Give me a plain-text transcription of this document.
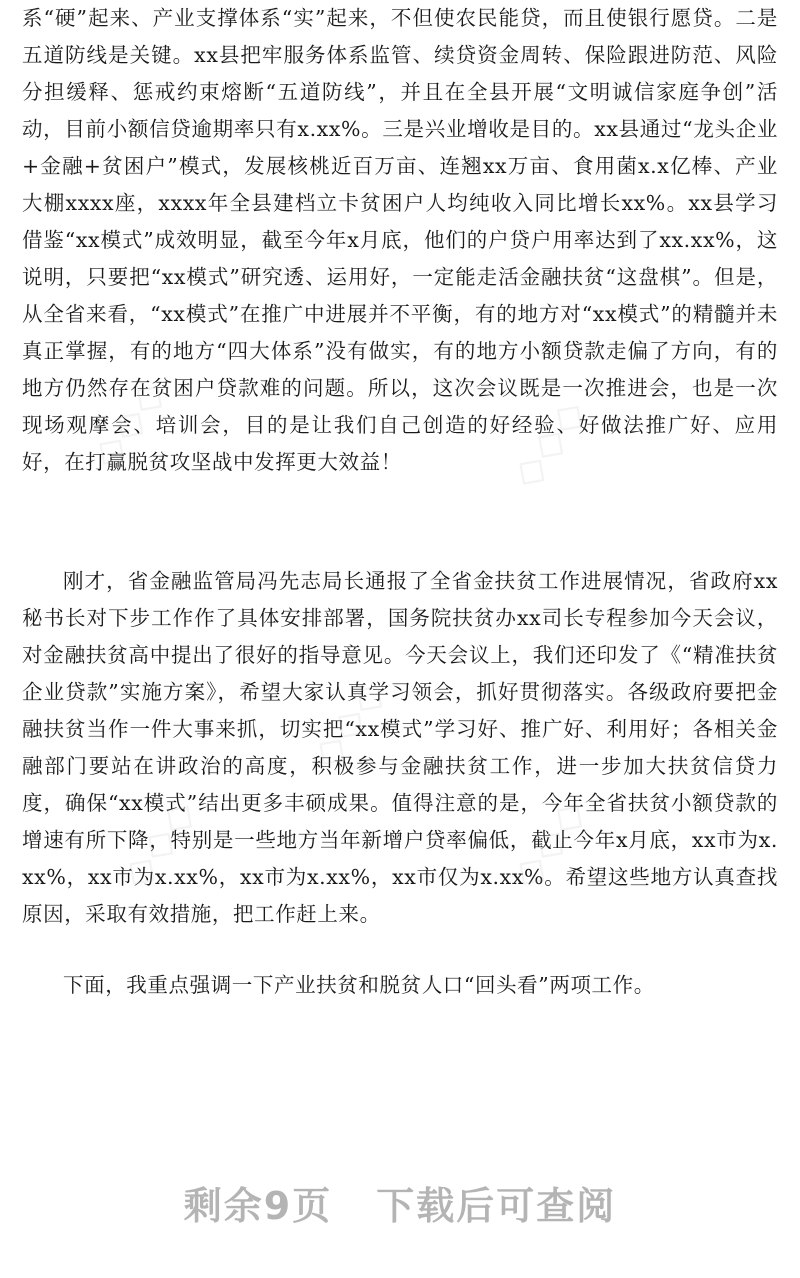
系“硬”起来、产业支撑体系“实”起来，不但使农民能贷，而且使银行愿贷。二是五道防线是关键。xx县把牢服务体系监管、续贷资金周转、保险跟进防范、风险分担缓释、惩戒约束熔断“五道防线”，并且在全县开展“文明诚信家庭争创”活动，目前小额信贷逾期率只有x.xx%。三是兴业增收是目的。xx县通过“龙头企业+金融+贫困户”模式，发展核桃近百万亩、连翘xx万亩、食用菌x.x亿棒、产业大棚xxxx座，xxxx年全县建档立卡贫困户人均纯收入同比增长xx%。xx县学习借鉴“xx模式”成效明显，截至今年x月底，他们的户贷户用率达到了xx.xx%，这说明，只要把“xx模式”研究透、运用好，一定能走活金融扶贫“这盘棋”。但是，从全省来看，“xx模式”在推广中进展并不平衡，有的地方对“xx模式”的精髓并未真正掌握，有的地方“四大体系”没有做实，有的地方小额贷款走偏了方向，有的地方仍然存在贫困户贷款难的问题。所以，这次会议既是一次推进会，也是一次现场观摩会、培训会，目的是让我们自己创造的好经验、好做法推广好、应用好，在打赢脱贫攻坚战中发挥更大效益！

刚才，省金融监管局冯先志局长通报了全省金扶贫工作进展情况，省政府xx秘书长对下步工作作了具体安排部署，国务院扶贫办xx司长专程参加今天会议，对金融扶贫高中提出了很好的指导意见。今天会议上，我们还印发了《“精准扶贫企业贷款”实施方案》，希望大家认真学习领会，抓好贯彻落实。各级政府要把金融扶贫当作一件大事来抓，切实把“xx模式”学习好、推广好、利用好；各相关金融部门要站在讲政治的高度，积极参与金融扶贫工作，进一步加大扶贫信贷力度，确保“xx模式”结出更多丰硕成果。值得注意的是，今年全省扶贫小额贷款的增速有所下降，特别是一些地方当年新增户贷率偏低，截止今年x月底，xx市为x.xx%，xx市为x.xx%，xx市为x.xx%，xx市仅为x.xx%。希望这些地方认真查找原因，采取有效措施，把工作赶上来。

下面，我重点强调一下产业扶贫和脱贫人口“回头看”两项工作。

◇◇◇	◇◇◇
◇◇◇
◇◇◇	◇◇◇
剩余9页 下载后可查阅
